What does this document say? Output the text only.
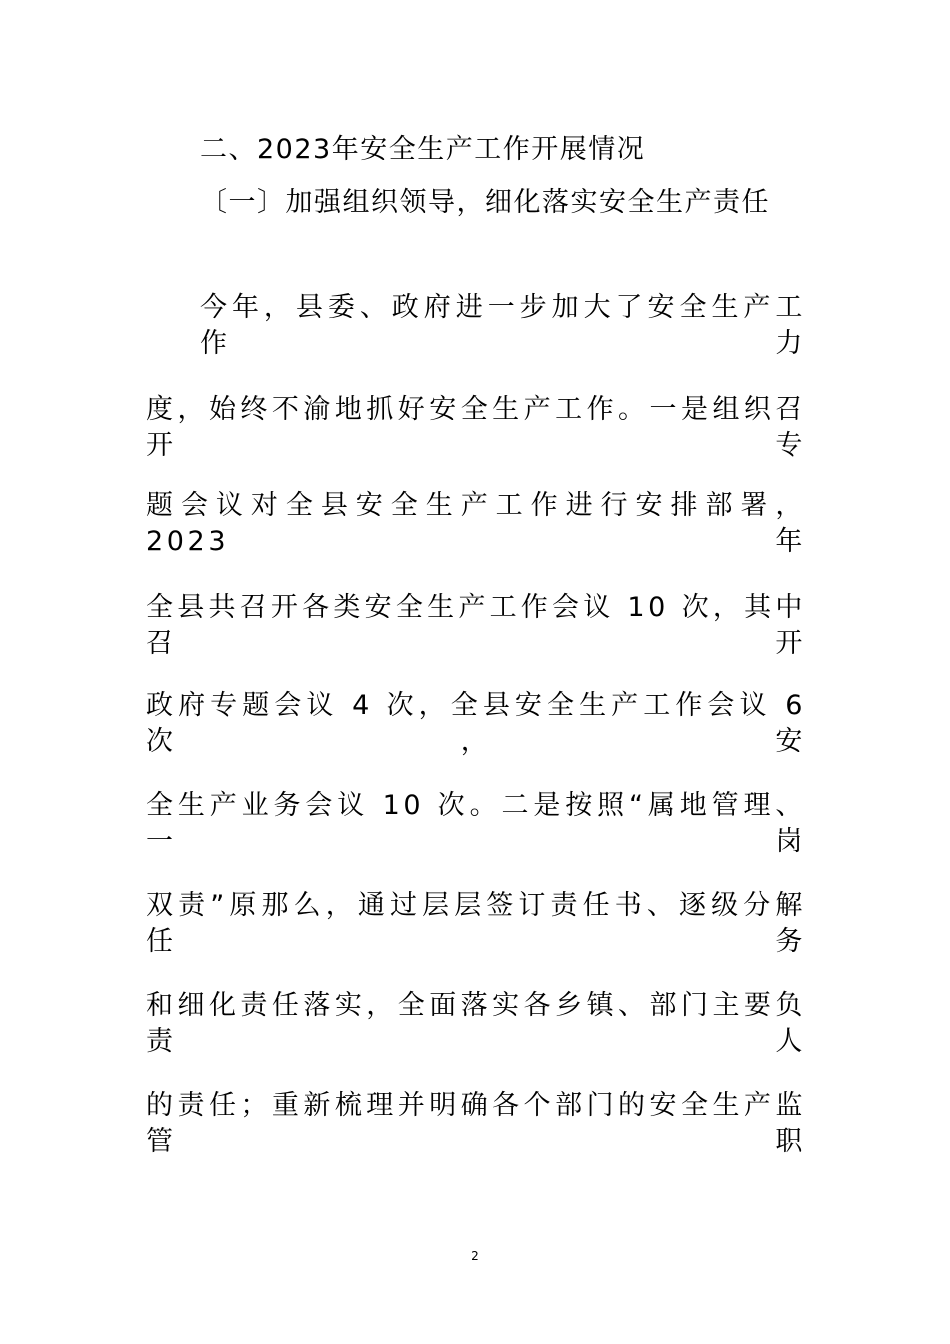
二、2023年安全生产工作开展情况
〔一〕加强组织领导，细化落实安全生产责任
今年，县委、政府进一步加大了安全生产工作力
度，始终不渝地抓好安全生产工作。一是组织召开专
题会议对全县安全生产工作进行安排部署，2023 年
全县共召开各类安全生产工作会议 10 次，其中召开
政府专题会议 4 次，全县安全生产工作会议 6 次，安
全生产业务会议 10 次。二是按照“属地管理、一岗
双责”原那么，通过层层签订责任书、逐级分解任务
和细化责任落实，全面落实各乡镇、部门主要负责人
的责任；重新梳理并明确各个部门的安全生产监管职
2
